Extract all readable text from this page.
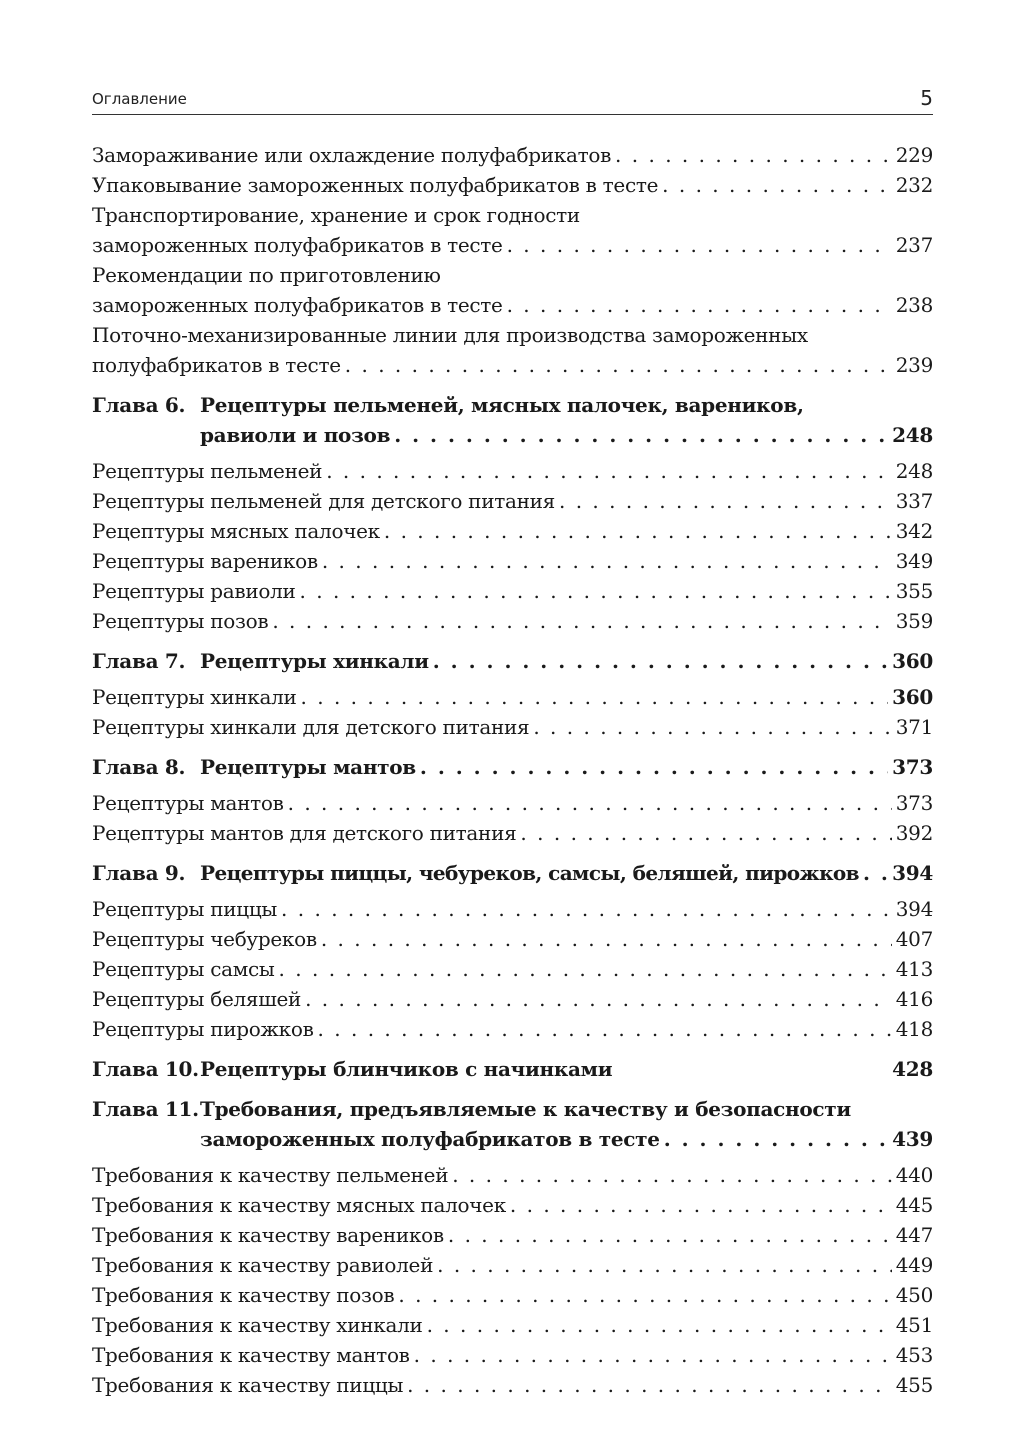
Оглавление	5
Замораживание или охлаждение полуфабрикатов . . .	229
Упаковывание замороженных полуфабрикатов в тесте . . .	232
Транспортирование, хранение и срок годности
замороженных полуфабрикатов в тесте . . .	237
Рекомендации по приготовлению
замороженных полуфабрикатов в тесте . . .	238
Поточно-механизированные линии для производства замороженных
полуфабрикатов в тесте . . .	239
Глава 6. Рецептуры пельменей, мясных палочек, вареников,
равиоли и позов . . .	248
Рецептуры пельменей . . .	248
Рецептуры пельменей для детского питания . . .	337
Рецептуры мясных палочек . . .	342
Рецептуры вареников . . .	349
Рецептуры равиоли . . .	355
Рецептуры позов . . .	359
Глава 7. Рецептуры хинкали . . .	360
Рецептуры хинкали . . .	360
Рецептуры хинкали для детского питания . . .	371
Глава 8. Рецептуры мантов . . .	373
Рецептуры мантов . . .	373
Рецептуры мантов для детского питания . . .	392
Глава 9. Рецептуры пиццы, чебуреков, самсы, беляшей, пирожков . . . 394
Рецептуры пиццы . . .	394
Рецептуры чебуреков . . .	407
Рецептуры самсы . . .	413
Рецептуры беляшей . . .	416
Рецептуры пирожков . . .	418
Глава 10. Рецептуры блинчиков с начинками	428
Глава 11.Требования, предъявляемые к качеству и безопасности
замороженных полуфабрикатов в тесте . . .	439
Требования к качеству пельменей . . .	440
Требования к качеству мясных палочек . . .	445
Требования к качеству вареников . . .	447
Требования к качеству равиолей . . .	449
Требования к качеству позов . . .	450
Требования к качеству хинкали . . .	451
Требования к качеству мантов . . .	453
Требования к качеству пиццы . . .	455
